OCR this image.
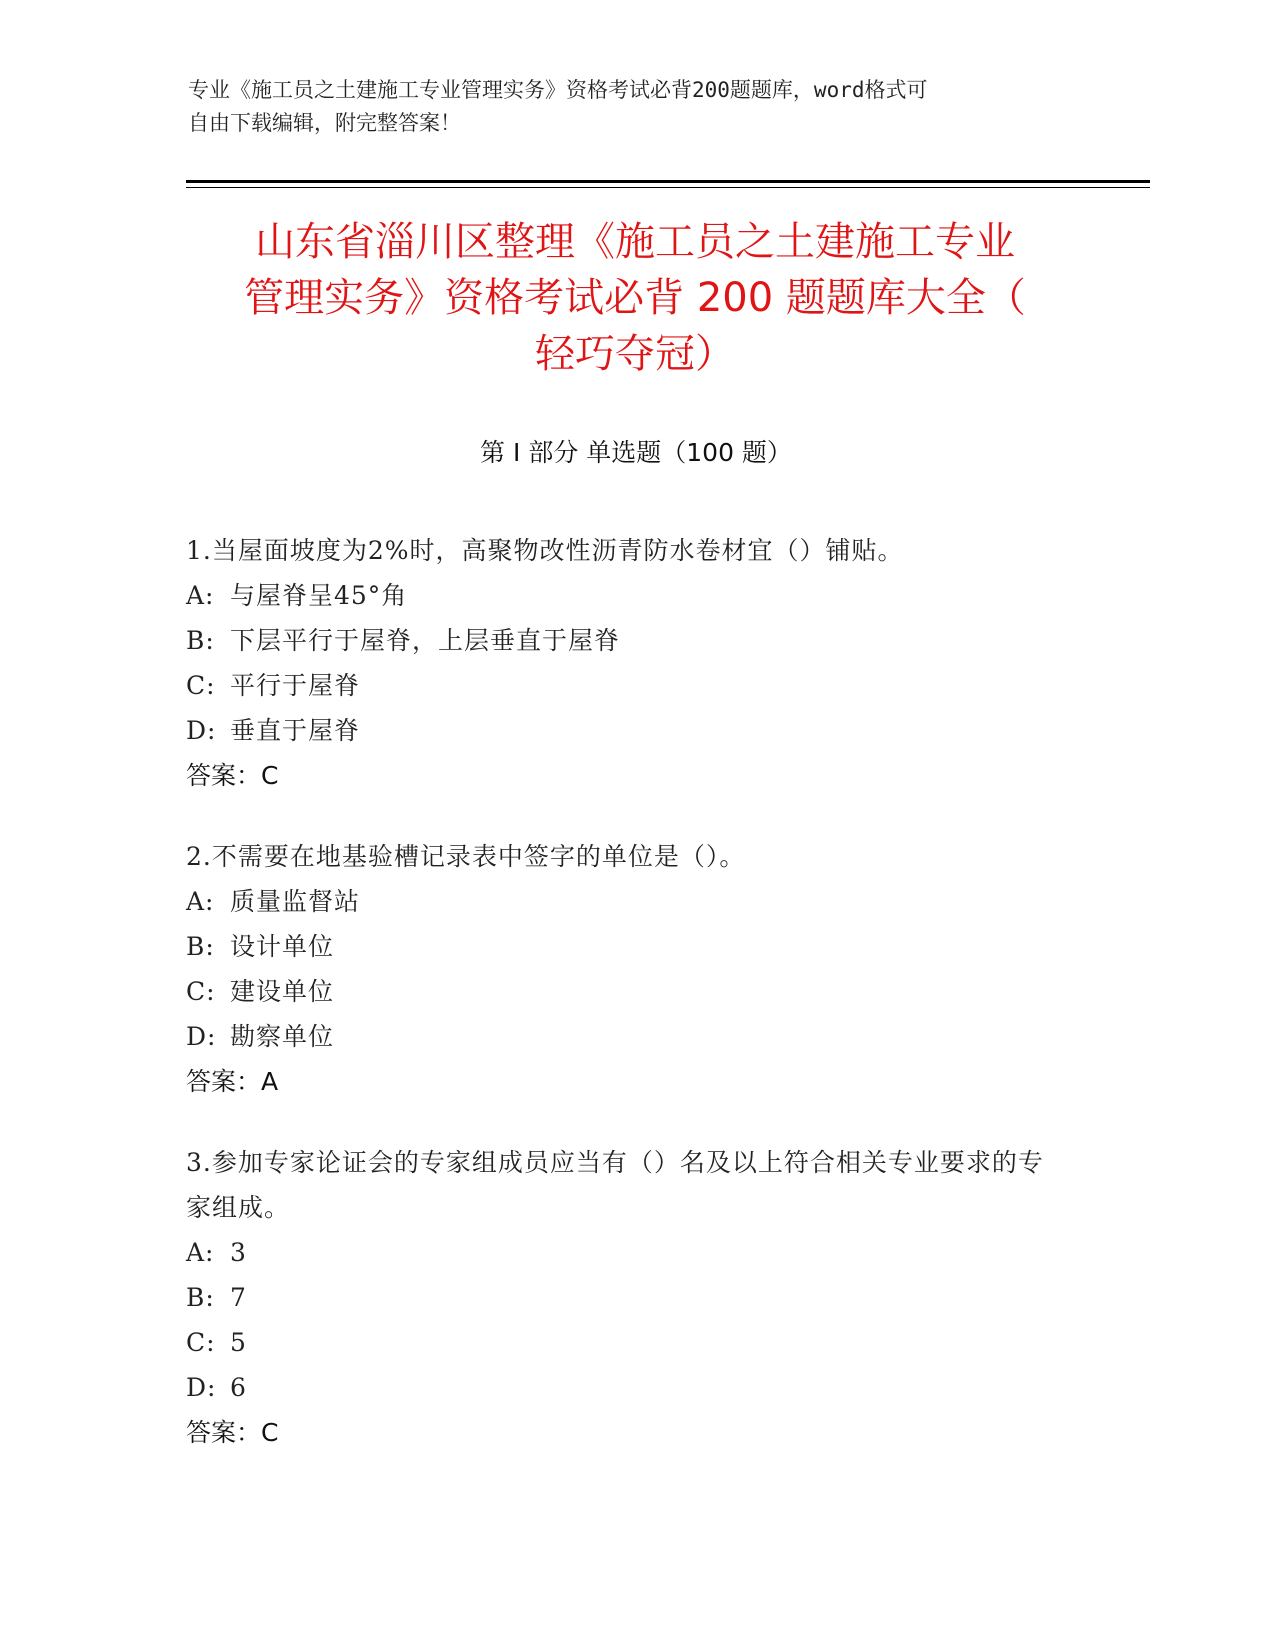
专业《施工员之土建施工专业管理实务》资格考试必背200题题库，word格式可
自由下载编辑，附完整答案！
山东省淄川区整理《施工员之土建施工专业
管理实务》资格考试必背 200 题题库大全（
轻巧夺冠）
第 I 部分 单选题（100 题）
1.当屋面坡度为2%时，高聚物改性沥青防水卷材宜（）铺贴。
A: 与屋脊呈45°角
B: 下层平行于屋脊，上层垂直于屋脊
C: 平行于屋脊
D: 垂直于屋脊
答案：C
2.不需要在地基验槽记录表中签字的单位是（）。
A: 质量监督站
B: 设计单位
C: 建设单位
D: 勘察单位
答案：A
3.参加专家论证会的专家组成员应当有（）名及以上符合相关专业要求的专家组成。
A: 3
B: 7
C: 5
D: 6
答案：C
